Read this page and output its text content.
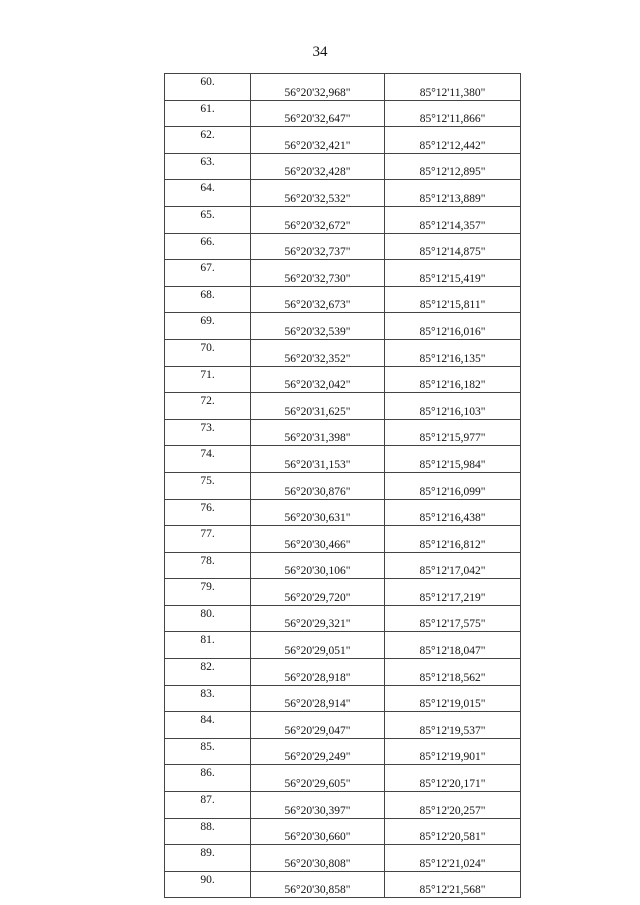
34
60.	56°20'32,968"	85°12'11,380"
61.	56°20'32,647"	85°12'11,866"
62.	56°20'32,421"	85°12'12,442"
63.	56°20'32,428"	85°12'12,895"
64.	56°20'32,532"	85°12'13,889"
65.	56°20'32,672"	85°12'14,357"
66.	56°20'32,737"	85°12'14,875"
67.	56°20'32,730"	85°12'15,419"
68.	56°20'32,673"	85°12'15,811"
69.	56°20'32,539"	85°12'16,016"
70.	56°20'32,352"	85°12'16,135"
71.	56°20'32,042"	85°12'16,182"
72.	56°20'31,625"	85°12'16,103"
73.	56°20'31,398"	85°12'15,977"
74.	56°20'31,153"	85°12'15,984"
75.	56°20'30,876"	85°12'16,099"
76.	56°20'30,631"	85°12'16,438"
77.	56°20'30,466"	85°12'16,812"
78.	56°20'30,106"	85°12'17,042"
79.	56°20'29,720"	85°12'17,219"
80.	56°20'29,321"	85°12'17,575"
81.	56°20'29,051"	85°12'18,047"
82.	56°20'28,918"	85°12'18,562"
83.	56°20'28,914"	85°12'19,015"
84.	56°20'29,047"	85°12'19,537"
85.	56°20'29,249"	85°12'19,901"
86.	56°20'29,605"	85°12'20,171"
87.	56°20'30,397"	85°12'20,257"
88.	56°20'30,660"	85°12'20,581"
89.	56°20'30,808"	85°12'21,024"
90.	56°20'30,858"	85°12'21,568"
